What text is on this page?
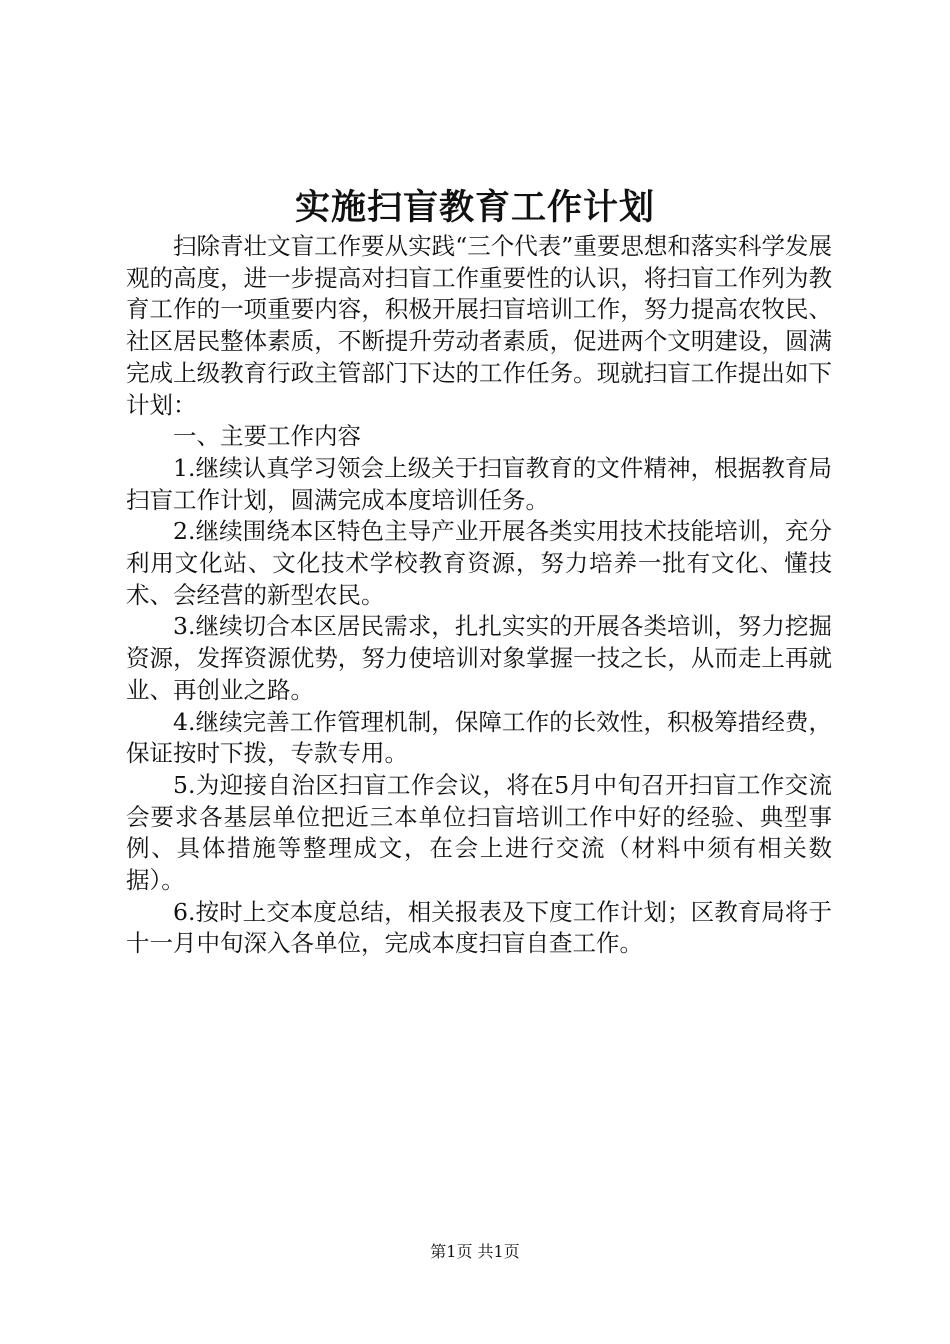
实施扫盲教育工作计划

扫除青壮文盲工作要从实践“三个代表”重要思想和落实科学发展观的高度，进一步提高对扫盲工作重要性的认识，将扫盲工作列为教育工作的一项重要内容，积极开展扫盲培训工作，努力提高农牧民、社区居民整体素质，不断提升劳动者素质，促进两个文明建设，圆满完成上级教育行政主管部门下达的工作任务。现就扫盲工作提出如下计划：

一、主要工作内容

1.继续认真学习领会上级关于扫盲教育的文件精神，根据教育局扫盲工作计划，圆满完成本度培训任务。

2.继续围绕本区特色主导产业开展各类实用技术技能培训，充分利用文化站、文化技术学校教育资源，努力培养一批有文化、懂技术、会经营的新型农民。

3.继续切合本区居民需求，扎扎实实的开展各类培训，努力挖掘资源，发挥资源优势，努力使培训对象掌握一技之长，从而走上再就业、再创业之路。

4.继续完善工作管理机制，保障工作的长效性，积极筹措经费，保证按时下拨，专款专用。

5.为迎接自治区扫盲工作会议，将在5月中旬召开扫盲工作交流会要求各基层单位把近三本单位扫盲培训工作中好的经验、典型事例、具体措施等整理成文，在会上进行交流（材料中须有相关数据）。

6.按时上交本度总结，相关报表及下度工作计划；区教育局将于十一月中旬深入各单位，完成本度扫盲自查工作。

第1页 共1页
